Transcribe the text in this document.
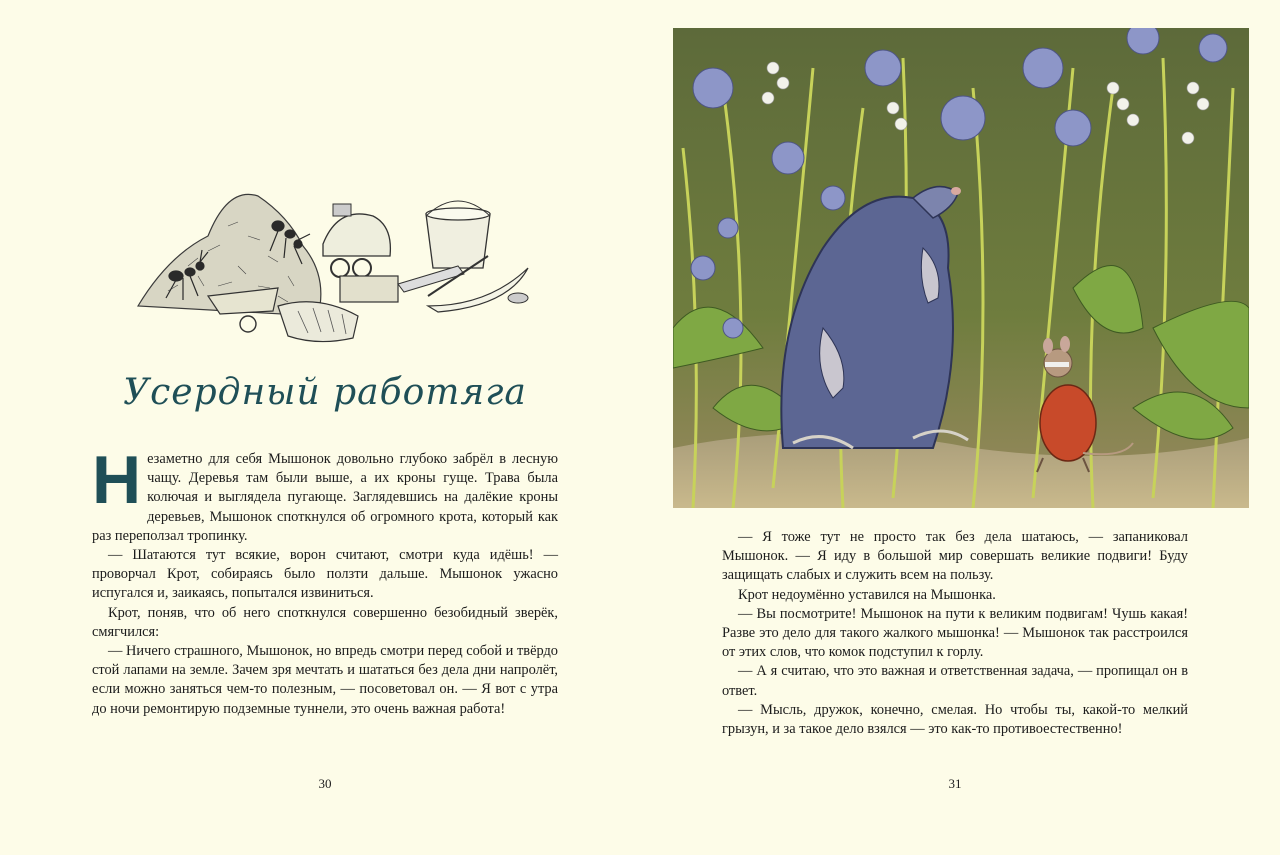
Усердный работяга

Незаметно для себя Мышонок довольно глубоко забрёл в лесную чащу. Деревья там были выше, а их кроны гуще. Трава была колючая и выглядела пугающе. Заглядевшись на далёкие кроны деревьев, Мышонок споткнулся об огромного крота, который как раз переползал тропинку.

— Шатаются тут всякие, ворон считают, смотри куда идёшь! — проворчал Крот, собираясь было ползти дальше. Мышонок ужасно испугался и, заикаясь, попытался извиниться.

Крот, поняв, что об него споткнулся совершенно безобидный зверёк, смягчился:

— Ничего страшного, Мышонок, но впредь смотри перед собой и твёрдо стой лапами на земле. Зачем зря мечтать и шататься без дела дни напролёт, если можно заняться чем-то полезным, — посоветовал он. — Я вот с утра до ночи ремонтирую подземные туннели, это очень важная работа!

30	31

— Я тоже тут не просто так без дела шатаюсь, — запаниковал Мышонок. — Я иду в большой мир совершать великие подвиги! Буду защищать слабых и служить всем на пользу.

Крот недоумённо уставился на Мышонка.

— Вы посмотрите! Мышонок на пути к великим подвигам! Чушь какая! Разве это дело для такого жалкого мышонка! — Мышонок так расстроился от этих слов, что комок подступил к горлу.

— А я считаю, что это важная и ответственная задача, — пропищал он в ответ.

— Мысль, дружок, конечно, смелая. Но чтобы ты, какой-то мелкий грызун, и за такое дело взялся — это как-то противоестественно!
